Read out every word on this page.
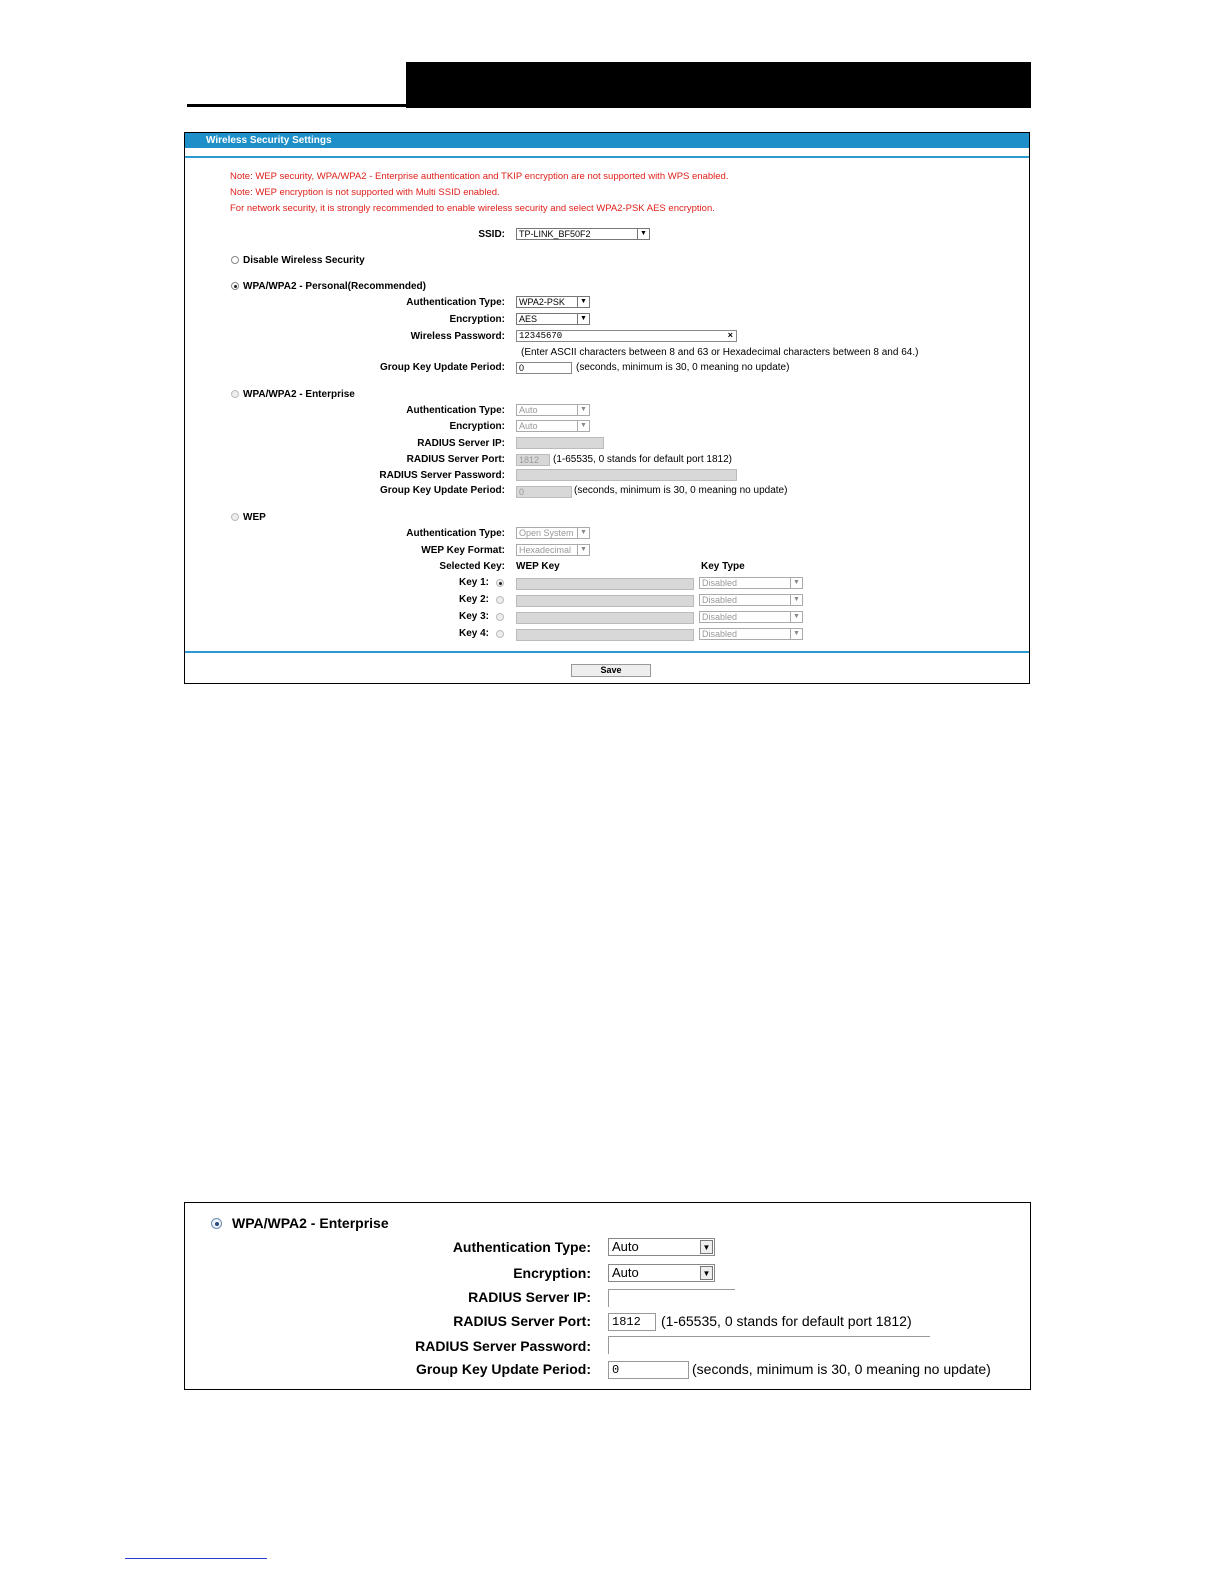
Wireless Security Settings
Note: WEP security, WPA/WPA2 - Enterprise authentication and TKIP encryption are not supported with WPS enabled.
Note: WEP encryption is not supported with Multi SSID enabled.
For network security, it is strongly recommended to enable wireless security and select WPA2-PSK AES encryption.
SSID:	TP-LINK_BF50F2	▼
Disable Wireless Security
WPA/WPA2 - Personal(Recommended)
Authentication Type:	WPA2-PSK	▼
Encryption:	AES	▼
Wireless Password:	12345670	×
(Enter ASCII characters between 8 and 63 or Hexadecimal characters between 8 and 64.)
Group Key Update Period:	0	(seconds, minimum is 30, 0 meaning no update)
WPA/WPA2 - Enterprise
Authentication Type:	Auto	▼
Encryption:	Auto	▼
RADIUS Server IP:
RADIUS Server Port:	1812	(1-65535, 0 stands for default port 1812)
RADIUS Server Password:
Group Key Update Period:	0	(seconds, minimum is 30, 0 meaning no update)
WEP
Authentication Type:	Open System ▼
WEP Key Format:	Hexadecimal	▼
Selected Key: WEP Key	Key Type
Key 1:	Disabled	▼
Key 2:	Disabled	▼
Key 3:	Disabled	▼
Key 4:	Disabled	▼
Save
WPA/WPA2 - Enterprise
Authentication Type:	Auto	▼
Encryption:	Auto	▼
RADIUS Server IP:
RADIUS Server Port:	1812	(1-65535, 0 stands for default port 1812)
RADIUS Server Password:
Group Key Update Period:	0	(seconds, minimum is 30, 0 meaning no update)
